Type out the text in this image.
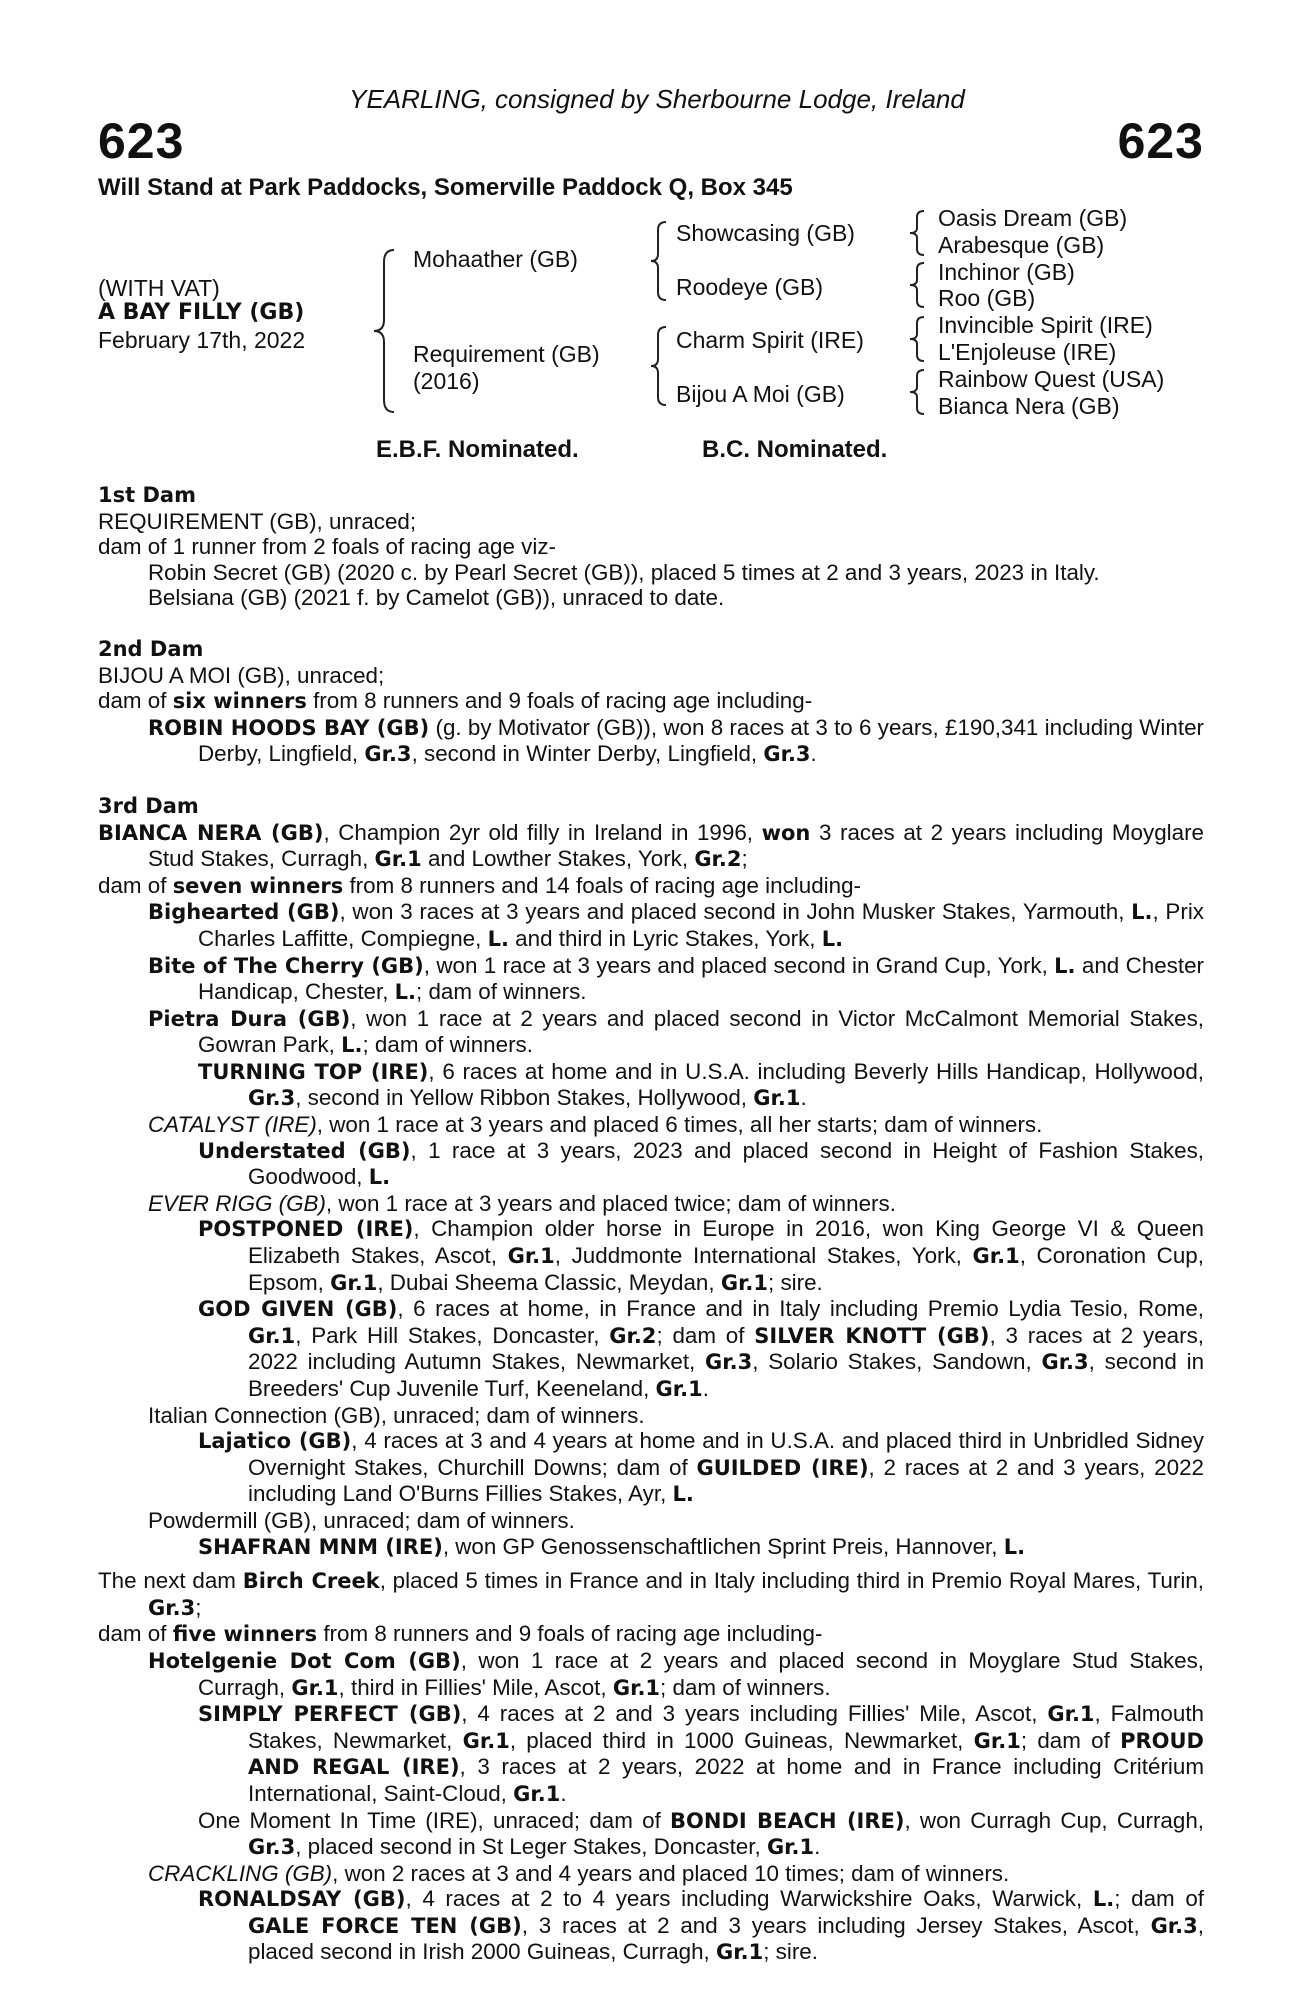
YEARLING, consigned by Sherbourne Lodge, Ireland
623	623
Will Stand at Park Paddocks, Somerville Paddock Q, Box 345
(WITH VAT)
A BAY FILLY (GB)
February 17th, 2022
Mohaather (GB)
Requirement (GB)
(2016)
Showcasing (GB)
Roodeye (GB)
Charm Spirit (IRE)
Bijou A Moi (GB)
Oasis Dream (GB)
Arabesque (GB)
Inchinor (GB)
Roo (GB)
Invincible Spirit (IRE)
L'Enjoleuse (IRE)
Rainbow Quest (USA)
Bianca Nera (GB)
E.B.F. Nominated.	B.C. Nominated.

1st Dam

REQUIREMENT (GB), unraced;

dam of 1 runner from 2 foals of racing age viz-

Robin Secret (GB) (2020 c. by Pearl Secret (GB)), placed 5 times at 2 and 3 years, 2023 in Italy.

Belsiana (GB) (2021 f. by Camelot (GB)), unraced to date.

2nd Dam

BIJOU A MOI (GB), unraced;

dam of six winners from 8 runners and 9 foals of racing age including-

ROBIN HOODS BAY (GB) (g. by Motivator (GB)), won 8 races at 3 to 6 years, £190,341 including Winter Derby, Lingfield, Gr.3, second in Winter Derby, Lingfield, Gr.3.

3rd Dam

BIANCA NERA (GB), Champion 2yr old filly in Ireland in 1996, won 3 races at 2 years including Moyglare Stud Stakes, Curragh, Gr.1 and Lowther Stakes, York, Gr.2;

dam of seven winners from 8 runners and 14 foals of racing age including-

Bighearted (GB), won 3 races at 3 years and placed second in John Musker Stakes, Yarmouth, L., Prix Charles Laffitte, Compiegne, L. and third in Lyric Stakes, York, L.

Bite of The Cherry (GB), won 1 race at 3 years and placed second in Grand Cup, York, L. and Chester Handicap, Chester, L.; dam of winners.

Pietra Dura (GB), won 1 race at 2 years and placed second in Victor McCalmont Memorial Stakes, Gowran Park, L.; dam of winners.

TURNING TOP (IRE), 6 races at home and in U.S.A. including Beverly Hills Handicap, Hollywood, Gr.3, second in Yellow Ribbon Stakes, Hollywood, Gr.1.

CATALYST (IRE), won 1 race at 3 years and placed 6 times, all her starts; dam of winners.

Understated (GB), 1 race at 3 years, 2023 and placed second in Height of Fashion Stakes, Goodwood, L.

EVER RIGG (GB), won 1 race at 3 years and placed twice; dam of winners.

POSTPONED (IRE), Champion older horse in Europe in 2016, won King George VI & Queen Elizabeth Stakes, Ascot, Gr.1, Juddmonte International Stakes, York, Gr.1, Coronation Cup, Epsom, Gr.1, Dubai Sheema Classic, Meydan, Gr.1; sire.

GOD GIVEN (GB), 6 races at home, in France and in Italy including Premio Lydia Tesio, Rome, Gr.1, Park Hill Stakes, Doncaster, Gr.2; dam of SILVER KNOTT (GB), 3 races at 2 years, 2022 including Autumn Stakes, Newmarket, Gr.3, Solario Stakes, Sandown, Gr.3, second in Breeders' Cup Juvenile Turf, Keeneland, Gr.1.

Italian Connection (GB), unraced; dam of winners.

Lajatico (GB), 4 races at 3 and 4 years at home and in U.S.A. and placed third in Unbridled Sidney Overnight Stakes, Churchill Downs; dam of GUILDED (IRE), 2 races at 2 and 3 years, 2022 including Land O'Burns Fillies Stakes, Ayr, L.

Powdermill (GB), unraced; dam of winners.

SHAFRAN MNM (IRE), won GP Genossenschaftlichen Sprint Preis, Hannover, L.

The next dam Birch Creek, placed 5 times in France and in Italy including third in Premio Royal Mares, Turin, Gr.3;

dam of five winners from 8 runners and 9 foals of racing age including-

Hotelgenie Dot Com (GB), won 1 race at 2 years and placed second in Moyglare Stud Stakes, Curragh, Gr.1, third in Fillies' Mile, Ascot, Gr.1; dam of winners.

SIMPLY PERFECT (GB), 4 races at 2 and 3 years including Fillies' Mile, Ascot, Gr.1, Falmouth Stakes, Newmarket, Gr.1, placed third in 1000 Guineas, Newmarket, Gr.1; dam of PROUD AND REGAL (IRE), 3 races at 2 years, 2022 at home and in France including Critérium International, Saint-Cloud, Gr.1.

One Moment In Time (IRE), unraced; dam of BONDI BEACH (IRE), won Curragh Cup, Curragh, Gr.3, placed second in St Leger Stakes, Doncaster, Gr.1.

CRACKLING (GB), won 2 races at 3 and 4 years and placed 10 times; dam of winners.

RONALDSAY (GB), 4 races at 2 to 4 years including Warwickshire Oaks, Warwick, L.; dam of GALE FORCE TEN (GB), 3 races at 2 and 3 years including Jersey Stakes, Ascot, Gr.3, placed second in Irish 2000 Guineas, Curragh, Gr.1; sire.
